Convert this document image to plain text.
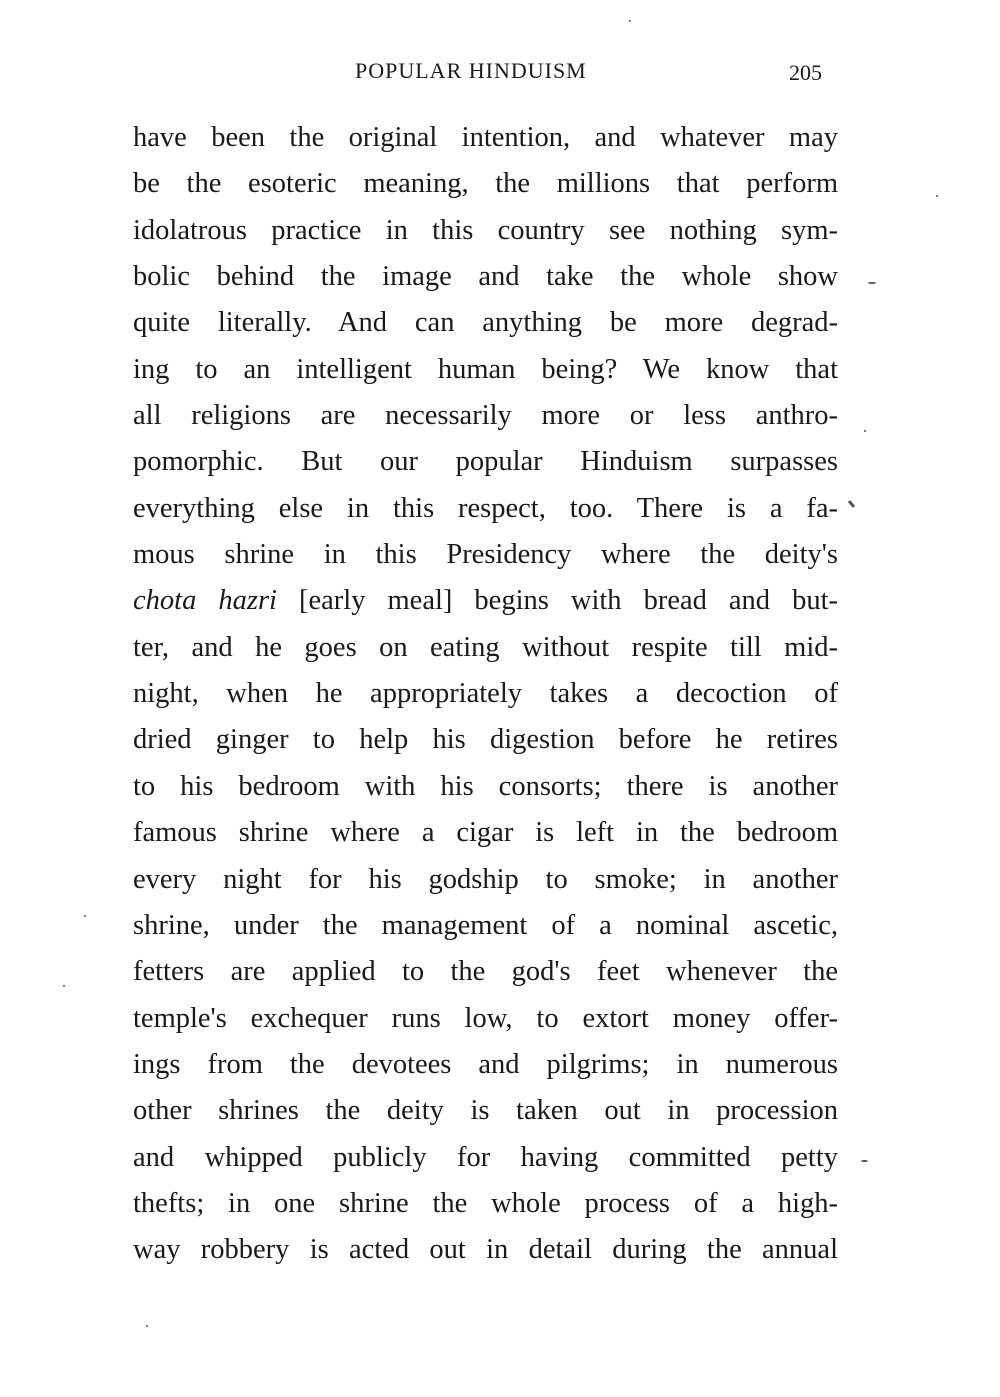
POPULAR HINDUISM	205
have been the original intention, and whatever may
be the esoteric meaning, the millions that perform
idolatrous practice in this country see nothing sym-
bolic behind the image and take the whole show
quite literally. And can anything be more degrad-
ing to an intelligent human being? We know that
all religions are necessarily more or less anthro-
pomorphic. But our popular Hinduism surpasses
everything else in this respect, too. There is a fa-
mous shrine in this Presidency where the deity's
chota hazri [early meal] begins with bread and but-
ter, and he goes on eating without respite till mid-
night, when he appropriately takes a decoction of
dried ginger to help his digestion before he retires
to his bedroom with his consorts; there is another
famous shrine where a cigar is left in the bedroom
every night for his godship to smoke; in another
shrine, under the management of a nominal ascetic,
fetters are applied to the god's feet whenever the
temple's exchequer runs low, to extort money offer-
ings from the devotees and pilgrims; in numerous
other shrines the deity is taken out in procession
and whipped publicly for having committed petty
thefts; in one shrine the whole process of a high-
way robbery is acted out in detail during the annual
